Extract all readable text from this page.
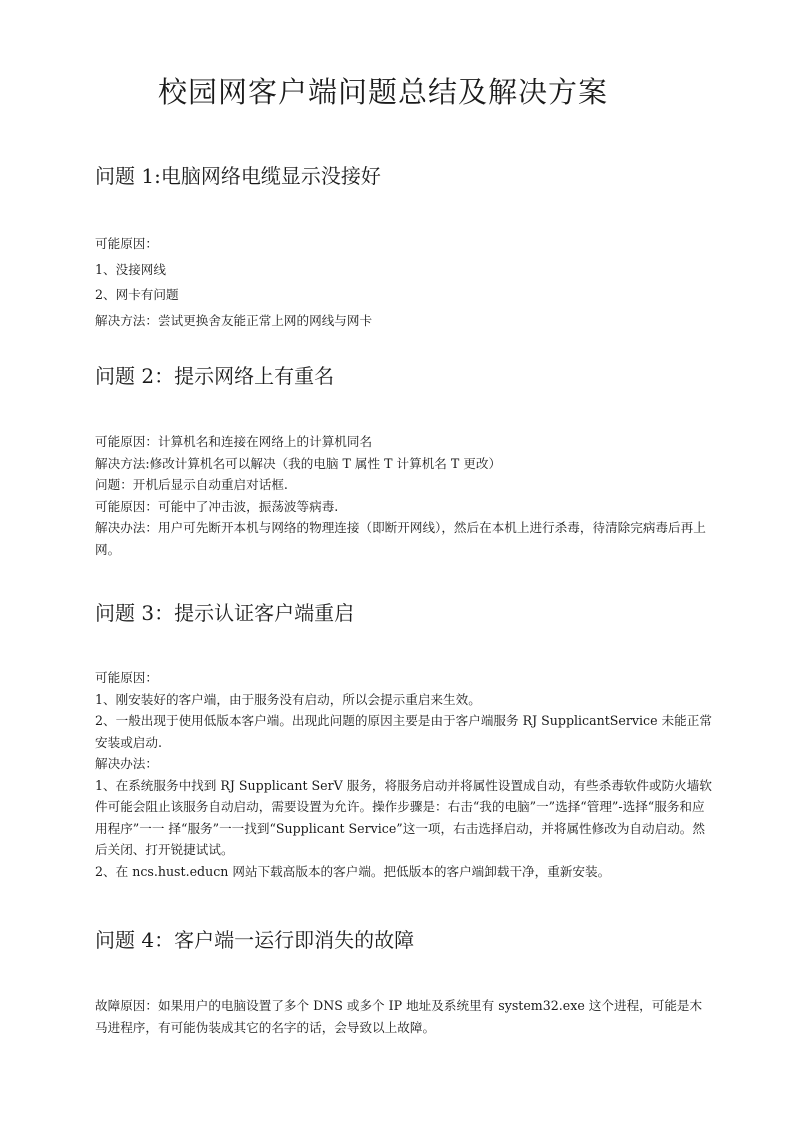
校园网客户端问题总结及解决方案
问题 1:电脑网络电缆显示没接好

可能原因：

1、没接网线

2、网卡有问题

解决方法：尝试更换舍友能正常上网的网线与网卡

问题 2：提示网络上有重名

可能原因：计算机名和连接在网络上的计算机同名

解决方法:修改计算机名可以解决（我的电脑 T 属性 T 计算机名 T 更改）

问题：开机后显示自动重启对话框.

可能原因：可能中了冲击波，振荡波等病毒.

解决办法：用户可先断开本机与网络的物理连接（即断开网线），然后在本机上进行杀毒，待清除完病毒后再上网。

问题 3：提示认证客户端重启

可能原因：

1、刚安装好的客户端，由于服务没有启动，所以会提示重启来生效。

2、一般出现于使用低版本客户端。出现此问题的原因主要是由于客户端服务 RJ SupplicantService 未能正常安装或启动.

解决办法：

1、在系统服务中找到 RJ Supplicant SerV 服务，将服务启动并将属性设置成自动，有些杀毒软件或防火墙软件可能会阻止该服务自动启动，需要设置为允许。操作步骤是：右击“我的电脑”一”选择“管理”-选择“服务和应用程序”一一 择“服务”一一找到“Supplicant Service”这一项，右击选择启动，并将属性修改为自动启动。然后关闭、打开锐捷试试。

2、在 ncs.hust.educn 网站下载高版本的客户端。把低版本的客户端卸载干净，重新安装。

问题 4：客户端一运行即消失的故障

故障原因：如果用户的电脑设置了多个 DNS 或多个 IP 地址及系统里有 system32.exe 这个进程，可能是木马进程序，有可能伪装成其它的名字的话，会导致以上故障。
